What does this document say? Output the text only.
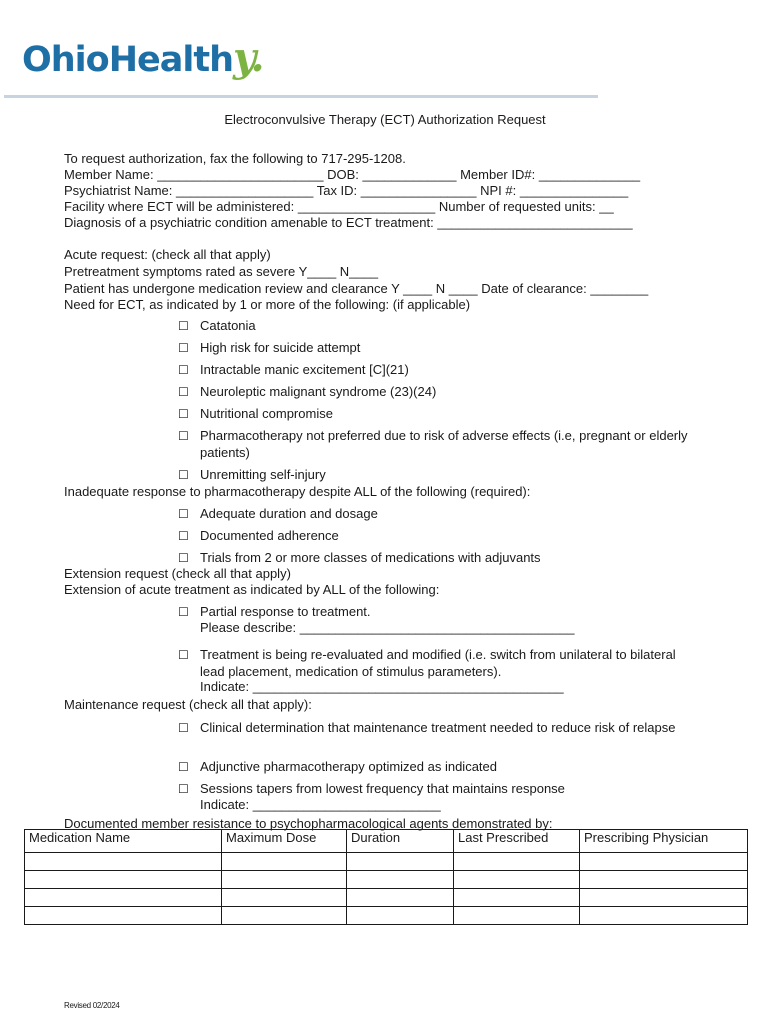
OhioHealthy.
Electroconvulsive Therapy (ECT) Authorization Request
To request authorization, fax the following to 717-295-1208.
Member Name: _______________________ DOB: _____________ Member ID#: ______________
Psychiatrist Name: ___________________ Tax ID: ________________ NPI #: _______________
Facility where ECT will be administered: ___________________ Number of requested units: __
Diagnosis of a psychiatric condition amenable to ECT treatment: ___________________________
Acute request: (check all that apply)
Pretreatment symptoms rated as severe Y____ N____
Patient has undergone medication review and clearance Y ____ N ____ Date of clearance: ________
Need for ECT, as indicated by 1 or more of the following: (if applicable)
☐ Catatonia
☐ High risk for suicide attempt
☐ Intractable manic excitement [C](21)
☐ Neuroleptic malignant syndrome (23)(24)
☐ Nutritional compromise
☐ Pharmacotherapy not preferred due to risk of adverse effects (i.e, pregnant or elderly patients)
☐ Unremitting self-injury
Inadequate response to pharmacotherapy despite ALL of the following (required):
☐ Adequate duration and dosage
☐ Documented adherence
☐ Trials from 2 or more classes of medications with adjuvants
Extension request (check all that apply)
Extension of acute treatment as indicated by ALL of the following:
☐ Partial response to treatment.
Please describe: ______________________________________
☐ Treatment is being re-evaluated and modified (i.e. switch from unilateral to bilateral lead placement, medication of stimulus parameters).
Indicate: ___________________________________________
Maintenance request (check all that apply):
☐ Clinical determination that maintenance treatment needed to reduce risk of relapse
☐ Adjunctive pharmacotherapy optimized as indicated
☐ Sessions tapers from lowest frequency that maintains response
Indicate: __________________________
Documented member resistance to psychopharmacological agents demonstrated by:
Medication Name	Maximum Dose	Duration	Last Prescribed	Prescribing Physician

Revised 02/2024
